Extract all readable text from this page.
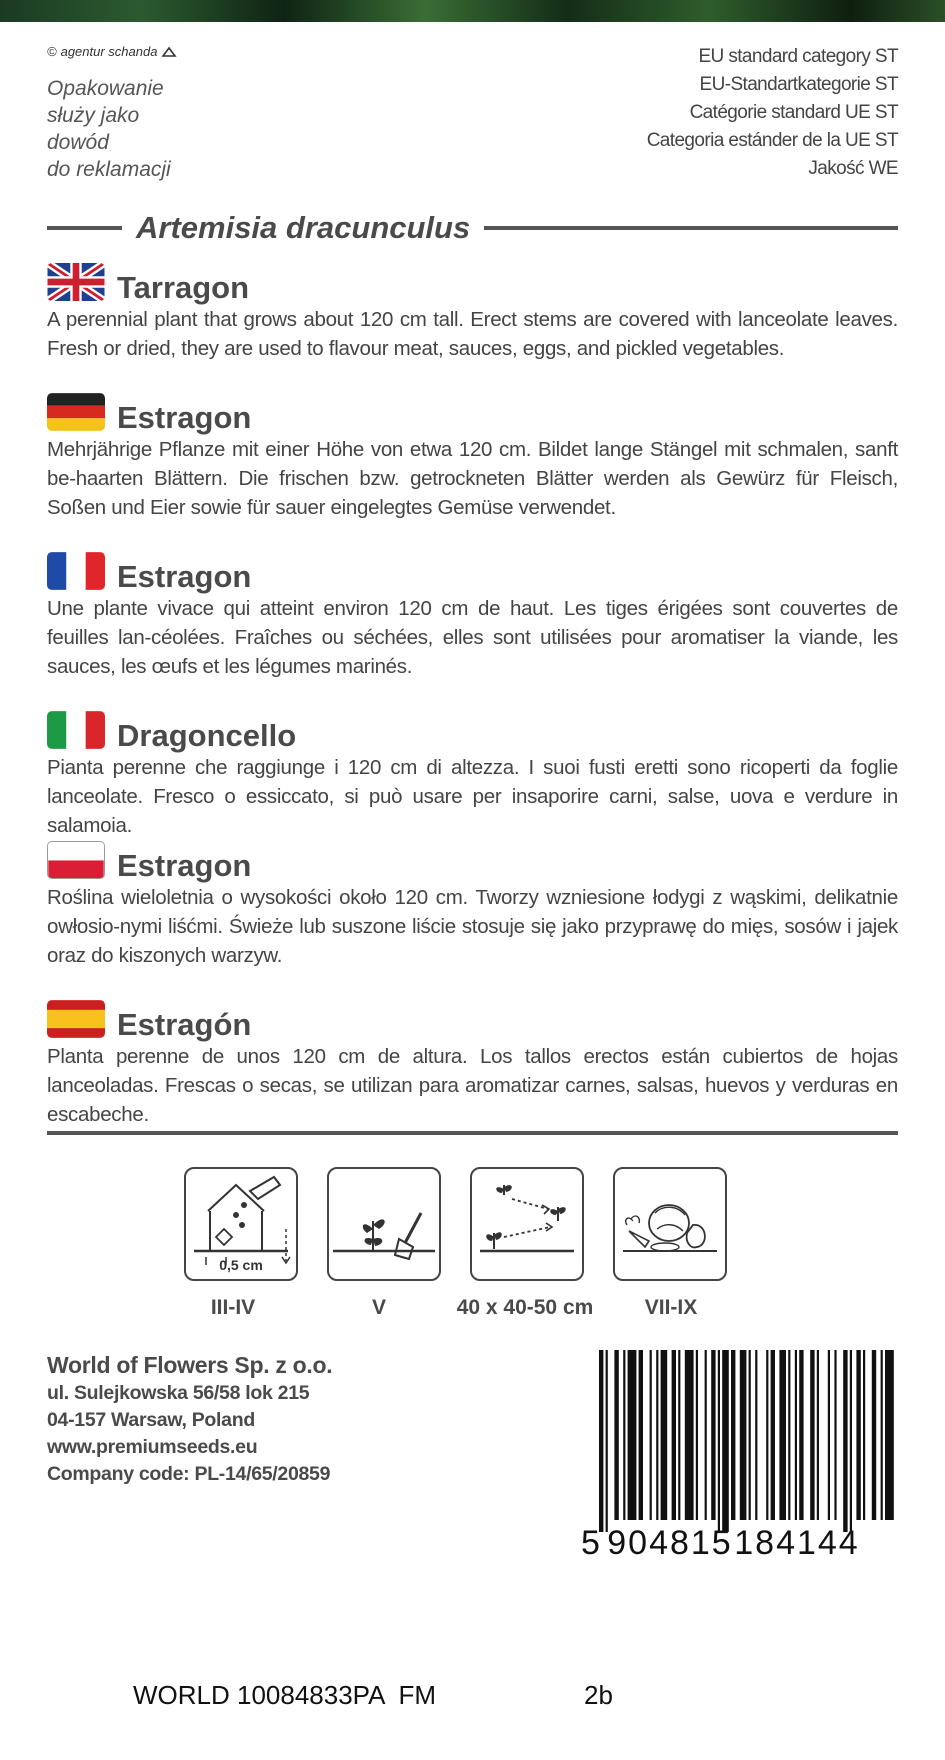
© agentur schanda
Opakowanie
służy jako
dowód
do reklamacji
EU standard category ST
EU-Standartkategorie ST
Catégorie standard UE ST
Categoria estánder de la UE ST
Jakość WE
Artemisia dracunculus
Tarragon
A perennial plant that grows about 120 cm tall. Erect stems are covered with lanceolate leaves. Fresh or dried, they are used to flavour meat, sauces, eggs, and pickled vegetables.
Estragon
Mehrjährige Pflanze mit einer Höhe von etwa 120 cm. Bildet lange Stängel mit schmalen, sanft be-haarten Blättern. Die frischen bzw. getrockneten Blätter werden als Gewürz für Fleisch, Soßen und Eier sowie für sauer eingelegtes Gemüse verwendet.
Estragon
Une plante vivace qui atteint environ 120 cm de haut. Les tiges érigées sont couvertes de feuilles lan-céolées. Fraîches ou séchées, elles sont utilisées pour aromatiser la viande, les sauces, les œufs et les légumes marinés.
Dragoncello
Pianta perenne che raggiunge i 120 cm di altezza. I suoi fusti eretti sono ricoperti da foglie lanceolate. Fresco o essiccato, si può usare per insaporire carni, salse, uova e verdure in salamoia.
Estragon
Roślina wieloletnia o wysokości około 120 cm. Tworzy wzniesione łodygi z wąskimi, delikatnie owłosio-nymi liśćmi. Świeże lub suszone liście stosuje się jako przyprawę do mięs, sosów i jajek oraz do kiszonych warzyw.
Estragón
Planta perenne de unos 120 cm de altura. Los tallos erectos están cubiertos de hojas lanceoladas. Frescas o secas, se utilizan para aromatizar carnes, salsas, huevos y verduras en escabeche.
0,5 cm
III-IV	V	40 x 40-50 cm	VII-IX
World of Flowers Sp. z o.o.
ul. Sulejkowska 56/58 lok 215
04-157 Warsaw, Poland
www.premiumseeds.eu
Company code: PL-14/65/20859
5 904815 184144
WORLD 10084833PA  FM	2b
